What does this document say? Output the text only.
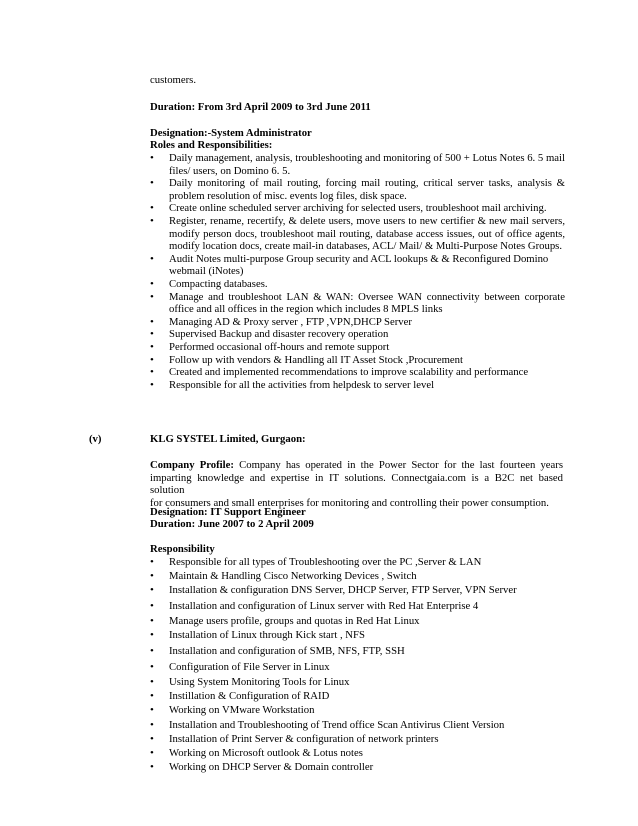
customers.
Duration: From 3rd April 2009 to 3rd June 2011
Designation:-System Administrator
Roles and Responsibilities:
• Daily management, analysis, troubleshooting and monitoring of 500 + Lotus Notes 6. 5 mail
files/ users, on Domino 6. 5.
• Daily monitoring of mail routing, forcing mail routing, critical server tasks, analysis &
problem resolution of misc. events log files, disk space.
• Create online scheduled server archiving for selected users, troubleshoot mail archiving.
• Register, rename, recertify, & delete users, move users to new certifier & new mail servers,
modify person docs, troubleshoot mail routing, database access issues, out of office agents,
modify location docs, create mail-in databases, ACL/ Mail/ & Multi-Purpose Notes Groups.
• Audit Notes multi-purpose Group security and ACL lookups & & Reconfigured Domino
webmail (iNotes)
• Compacting databases.
• Manage and troubleshoot LAN & WAN: Oversee WAN connectivity between corporate
office and all offices in the region which includes 8 MPLS links
• Managing AD & Proxy server , FTP ,VPN,DHCP Server
• Supervised Backup and disaster recovery operation
• Performed occasional off-hours and remote support
• Follow up with vendors & Handling all IT Asset Stock ,Procurement
• Created and implemented recommendations to improve scalability and performance
• Responsible for all the activities from helpdesk to server level
(v)	KLG SYSTEL Limited, Gurgaon:
Company Profile: Company has operated in the Power Sector for the last fourteen years
imparting knowledge and expertise in IT solutions. Connectgaia.com is a B2C net based solution
for consumers and small enterprises for monitoring and controlling their power consumption.
Designation: IT Support Engineer
Duration: June 2007 to 2 April 2009
Responsibility
• Responsible for all types of Troubleshooting over the PC ,Server & LAN
• Maintain & Handling Cisco Networking Devices , Switch
• Installation & configuration DNS Server, DHCP Server, FTP Server, VPN Server
• Installation and configuration of Linux server with Red Hat Enterprise 4
• Manage users profile, groups and quotas in Red Hat Linux
• Installation of Linux through Kick start , NFS
• Installation and configuration of SMB, NFS, FTP, SSH
• Configuration of File Server in Linux
• Using System Monitoring Tools for Linux
• Instillation & Configuration of RAID
• Working on VMware Workstation
• Installation and Troubleshooting of Trend office Scan Antivirus Client Version
• Installation of Print Server & configuration of network printers
• Working on Microsoft outlook & Lotus notes
• Working on DHCP Server & Domain controller
